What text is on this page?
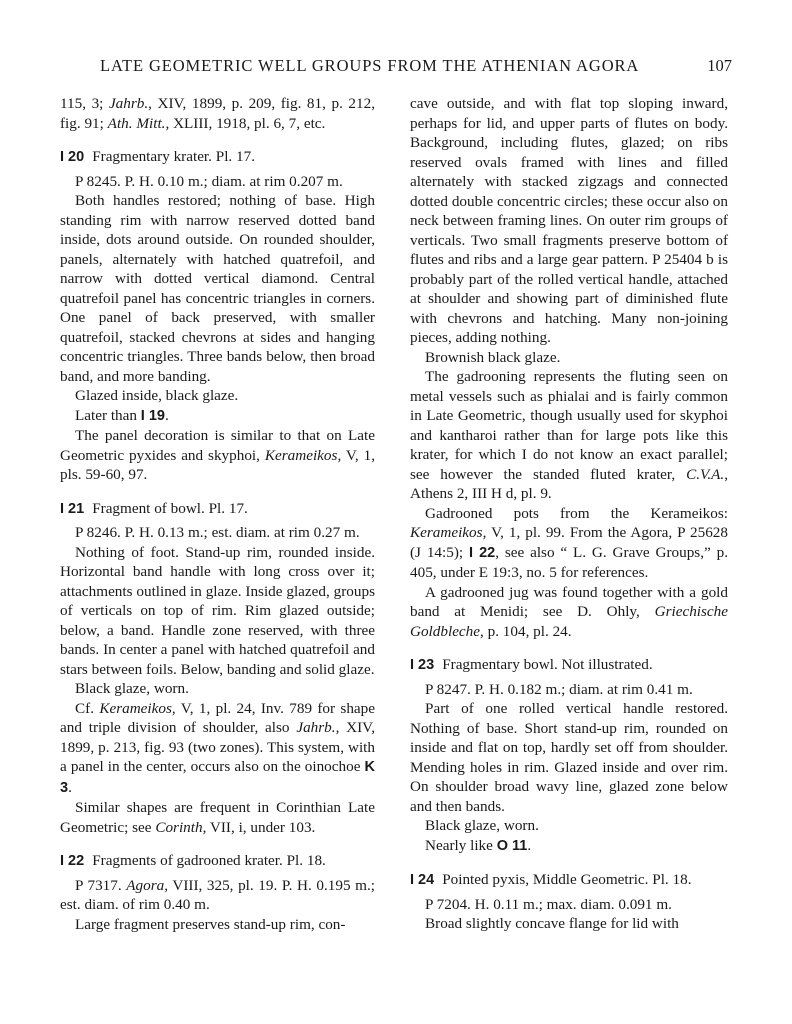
LATE GEOMETRIC WELL GROUPS FROM THE ATHENIAN AGORA	107

115, 3; Jahrb., XIV, 1899, p. 209, fig. 81, p. 212, fig. 91; Ath. Mitt., XLIII, 1918, pl. 6, 7, etc.

I 20 Fragmentary krater. Pl. 17.

P 8245. P. H. 0.10 m.; diam. at rim 0.207 m.

Both handles restored; nothing of base. High standing rim with narrow reserved dotted band inside, dots around outside. On rounded shoulder, panels, alternately with hatched quatrefoil, and narrow with dotted vertical diamond. Central quatrefoil panel has concentric triangles in corners. One panel of back preserved, with smaller quatrefoil, stacked chevrons at sides and hanging concentric triangles. Three bands below, then broad band, and more banding.

Glazed inside, black glaze.

Later than I 19.

The panel decoration is similar to that on Late Geometric pyxides and skyphoi, Kerameikos, V, 1, pls. 59-60, 97.

I 21 Fragment of bowl. Pl. 17.

P 8246. P. H. 0.13 m.; est. diam. at rim 0.27 m.

Nothing of foot. Stand-up rim, rounded inside. Horizontal band handle with long cross over it; attachments outlined in glaze. Inside glazed, groups of verticals on top of rim. Rim glazed outside; below, a band. Handle zone reserved, with three bands. In center a panel with hatched quatrefoil and stars between foils. Below, banding and solid glaze.

Black glaze, worn.

Cf. Kerameikos, V, 1, pl. 24, Inv. 789 for shape and triple division of shoulder, also Jahrb., XIV, 1899, p. 213, fig. 93 (two zones). This system, with a panel in the center, occurs also on the oinochoe K 3.

Similar shapes are frequent in Corinthian Late Geometric; see Corinth, VII, i, under 103.

I 22 Fragments of gadrooned krater. Pl. 18.

P 7317. Agora, VIII, 325, pl. 19. P. H. 0.195 m.; est. diam. of rim 0.40 m.

Large fragment preserves stand-up rim, con-

cave outside, and with flat top sloping inward, perhaps for lid, and upper parts of flutes on body. Background, including flutes, glazed; on ribs reserved ovals framed with lines and filled alternately with stacked zigzags and connected dotted double concentric circles; these occur also on neck between framing lines. On outer rim groups of verticals. Two small fragments preserve bottom of flutes and ribs and a large gear pattern. P 25404 b is probably part of the rolled vertical handle, attached at shoulder and showing part of diminished flute with chevrons and hatching. Many non-joining pieces, adding nothing.

Brownish black glaze.

The gadrooning represents the fluting seen on metal vessels such as phialai and is fairly common in Late Geometric, though usually used for skyphoi and kantharoi rather than for large pots like this krater, for which I do not know an exact parallel; see however the standed fluted krater, C.V.A., Athens 2, III H d, pl. 9.

Gadrooned pots from the Kerameikos: Kerameikos, V, 1, pl. 99. From the Agora, P 25628 (J 14:5); I 22, see also “ L. G. Grave Groups,” p. 405, under E 19:3, no. 5 for references.

A gadrooned jug was found together with a gold band at Menidi; see D. Ohly, Griechische Goldbleche, p. 104, pl. 24.

I 23 Fragmentary bowl. Not illustrated.

P 8247. P. H. 0.182 m.; diam. at rim 0.41 m.

Part of one rolled vertical handle restored. Nothing of base. Short stand-up rim, rounded on inside and flat on top, hardly set off from shoulder. Mending holes in rim. Glazed inside and over rim. On shoulder broad wavy line, glazed zone below and then bands.

Black glaze, worn.

Nearly like O 11.

I 24 Pointed pyxis, Middle Geometric. Pl. 18.

P 7204. H. 0.11 m.; max. diam. 0.091 m.

Broad slightly concave flange for lid with
